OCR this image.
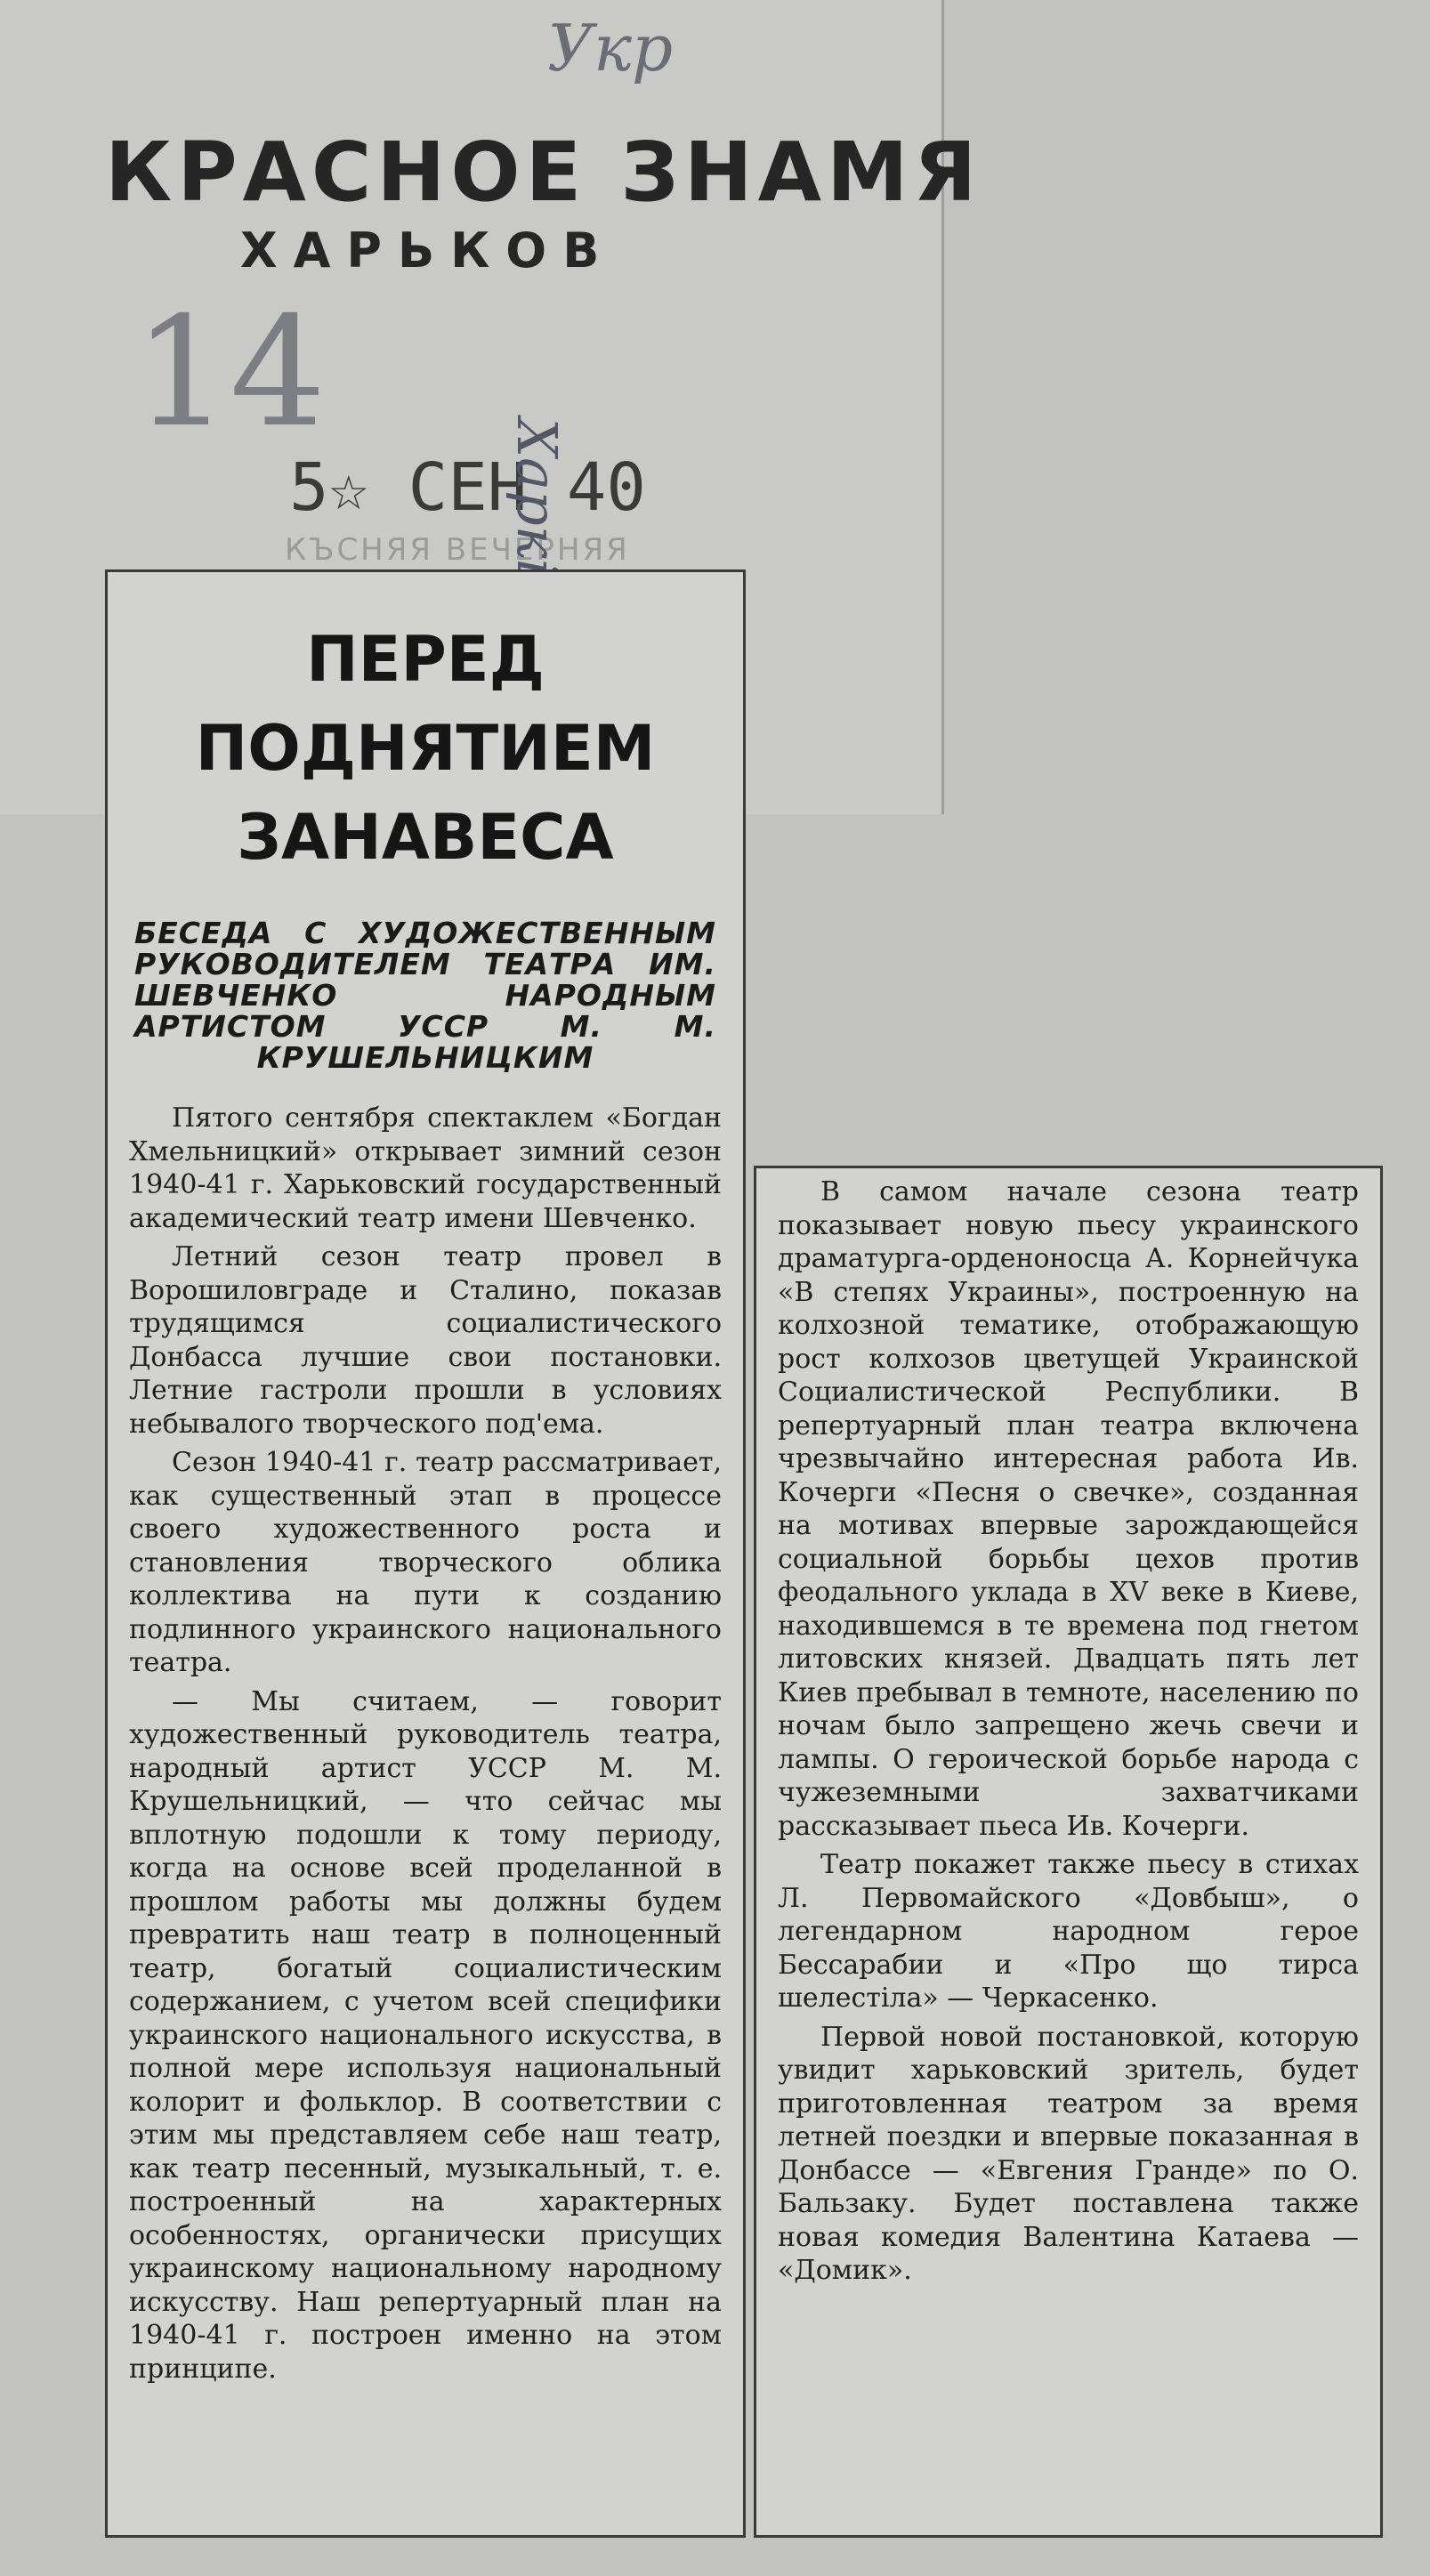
КРАСНОЕ ЗНАМЯ
ХАРЬКОВ
14
5☆ СЕН 40
КЪСНЯЯ ВЕЧЕРНЯЯ
Укр
ПЕРЕД ПОДНЯТИЕМ ЗАНАВЕСА
БЕСЕДА С ХУДОЖЕСТВЕННЫМ РУКОВОДИТЕЛЕМ ТЕАТРА ИМ. ШЕВЧЕНКО НАРОДНЫМ АРТИСТОМ УССР М. М. КРУШЕЛЬНИЦКИМ

Пятого сентября спектаклем «Богдан Хмельницкий» открывает зимний сезон 1940-41 г. Харьковский государственный академический театр имени Шевченко.

Летний сезон театр провел в Ворошиловграде и Сталино, показав трудящимся социалистического Донбасса лучшие свои постановки. Летние гастроли прошли в условиях небывалого творческого под'ема.

Сезон 1940-41 г. театр рассматривает, как существенный этап в процессе своего художественного роста и становления творческого облика коллектива на пути к созданию подлинного украинского национального театра.

— Мы считаем, — говорит художественный руководитель театра, народный артист УССР М. М. Крушельницкий, — что сейчас мы вплотную подошли к тому периоду, когда на основе всей проделанной в прошлом работы мы должны будем превратить наш театр в полноценный театр, богатый социалистическим содержанием, с учетом всей специфики украинского национального искусства, в полной мере используя национальный колорит и фольклор. В соответствии с этим мы представляем себе наш театр, как театр песенный, музыкальный, т. е. построенный на характерных особенностях, органически присущих украинскому национальному народному искусству. Наш репертуарный план на 1940-41 г. построен именно на этом принципе.

В самом начале сезона театр показывает новую пьесу украинского драматурга-орденоносца А. Корнейчука «В степях Украины», построенную на колхозной тематике, отображающую рост колхозов цветущей Украинской Социалистической Республики. В репертуарный план театра включена чрезвычайно интересная работа Ив. Кочерги «Песня о свечке», созданная на мотивах впервые зарождающейся социальной борьбы цехов против феодального уклада в XV веке в Киеве, находившемся в те времена под гнетом литовских князей. Двадцать пять лет Киев пребывал в темноте, населению по ночам было запрещено жечь свечи и лампы. О героической борьбе народа с чужеземными захватчиками рассказывает пьеса Ив. Кочерги.

Театр покажет также пьесу в стихах Л. Первомайского «Довбыш», о легендарном народном герое Бессарабии и «Про що тирса шелестіла» — Черкасенко.

Первой новой постановкой, которую увидит харьковский зритель, будет приготовленная театром за время летней поездки и впервые показанная в Донбассе — «Евгения Гранде» по О. Бальзаку. Будет поставлена также новая комедия Валентина Катаева — «Домик».
